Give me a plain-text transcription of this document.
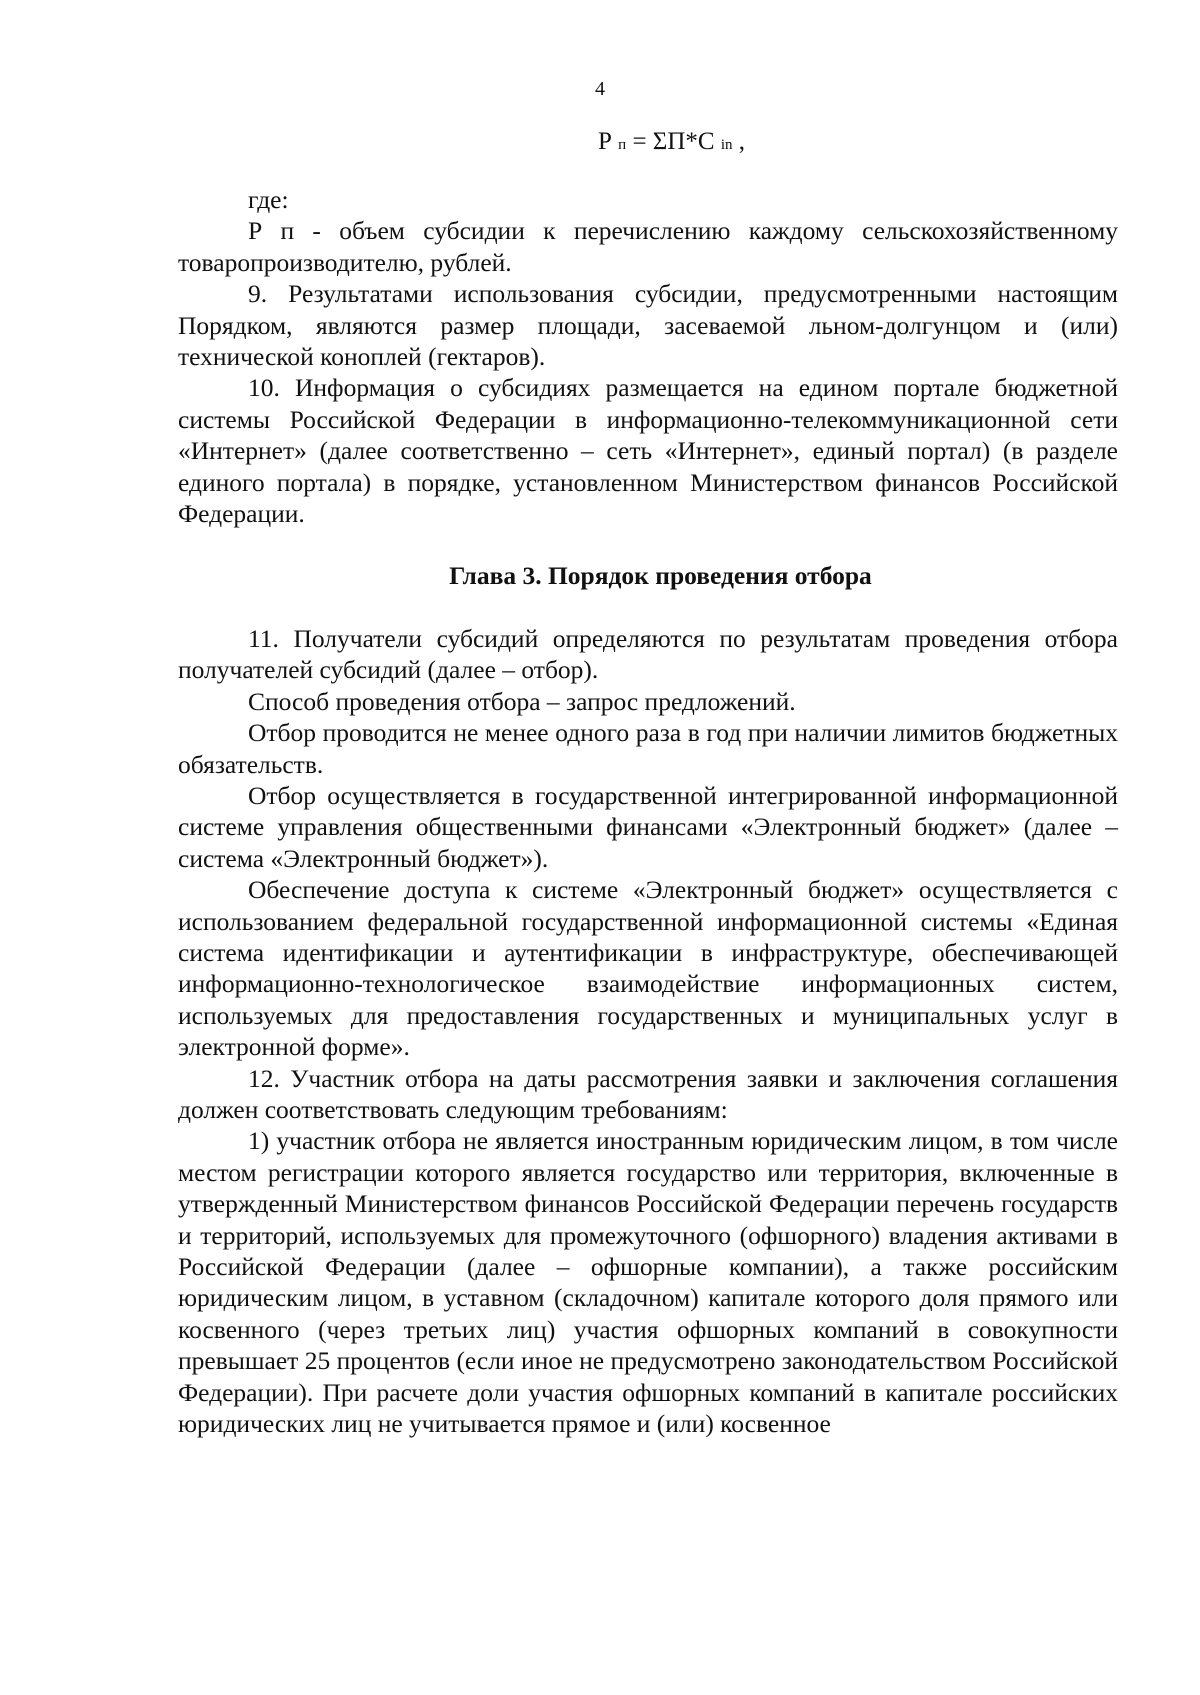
4
Р п = ΣП*С in ,

где:

Р п - объем субсидии к перечислению каждому сельскохозяйственному товаропроизводителю, рублей.

9. Результатами использования субсидии, предусмотренными настоящим Порядком, являются размер площади, засеваемой льном-долгунцом и (или) технической коноплей (гектаров).

10. Информация о субсидиях размещается на едином портале бюджетной системы Российской Федерации в информационно-телекоммуникационной сети «Интернет» (далее соответственно – сеть «Интернет», единый портал) (в разделе единого портала) в порядке, установленном Министерством финансов Российской Федерации.

Глава 3. Порядок проведения отбора

11. Получатели субсидий определяются по результатам проведения отбора получателей субсидий (далее – отбор).

Способ проведения отбора – запрос предложений.

Отбор проводится не менее одного раза в год при наличии лимитов бюджетных обязательств.

Отбор осуществляется в государственной интегрированной информационной системе управления общественными финансами «Электронный бюджет» (далее – система «Электронный бюджет»).

Обеспечение доступа к системе «Электронный бюджет» осуществляется с использованием федеральной государственной информационной системы «Единая система идентификации и аутентификации в инфраструктуре, обеспечивающей информационно-технологическое взаимодействие информационных систем, используемых для предоставления государственных и муниципальных услуг в электронной форме».

12. Участник отбора на даты рассмотрения заявки и заключения соглашения должен соответствовать следующим требованиям:

1) участник отбора не является иностранным юридическим лицом, в том числе местом регистрации которого является государство или территория, включенные в утвержденный Министерством финансов Российской Федерации перечень государств и территорий, используемых для промежуточного (офшорного) владения активами в Российской Федерации (далее – офшорные компании), а также российским юридическим лицом, в уставном (складочном) капитале которого доля прямого или косвенного (через третьих лиц) участия офшорных компаний в совокупности превышает 25 процентов (если иное не предусмотрено законодательством Российской Федерации). При расчете доли участия офшорных компаний в капитале российских юридических лиц не учитывается прямое и (или) косвенное
